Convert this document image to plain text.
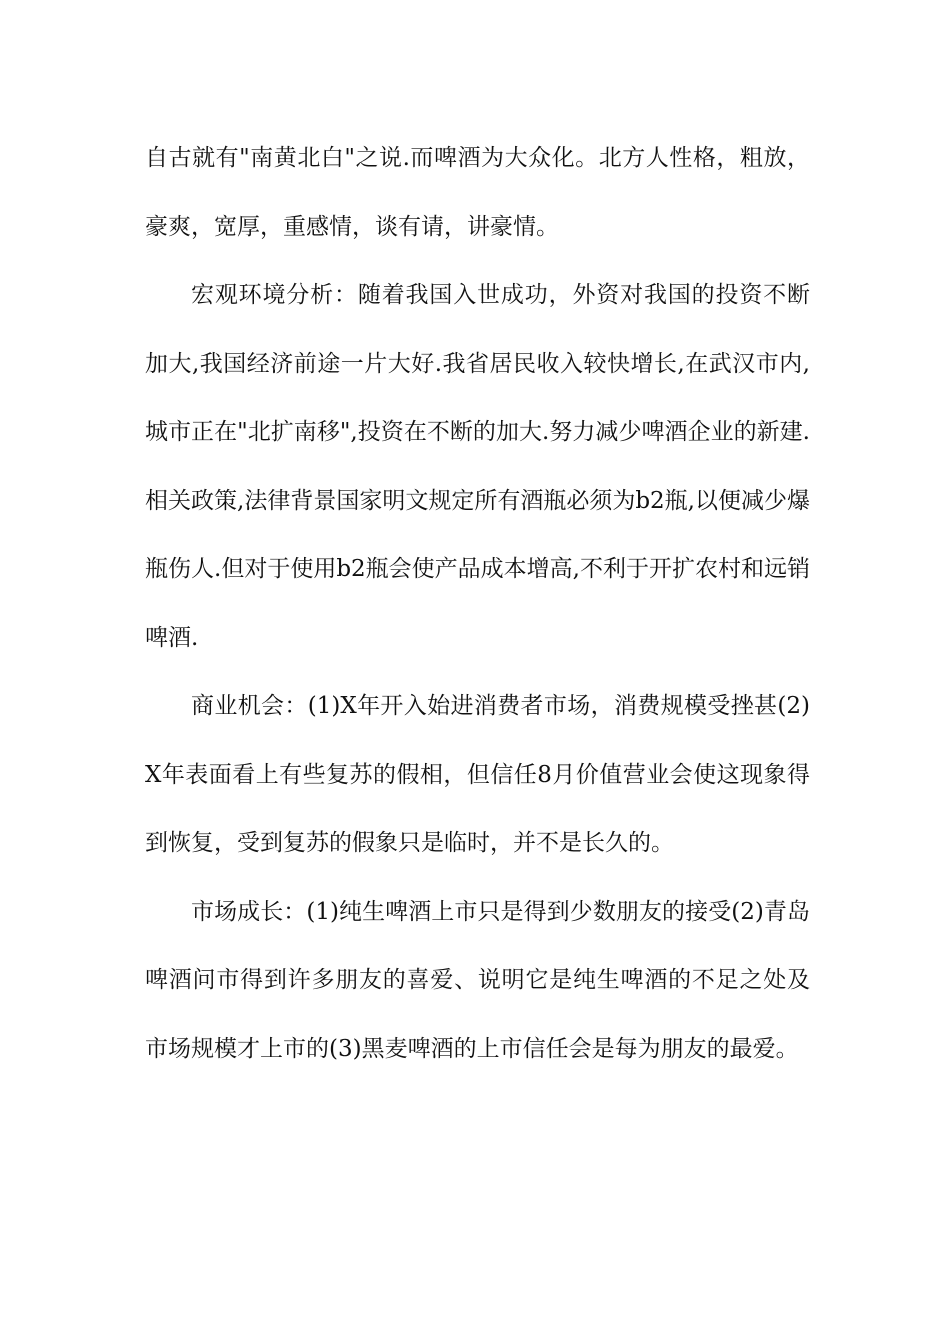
自古就有"南黄北白"之说.而啤酒为大众化。北方人性格，粗放，豪爽，宽厚，重感情，谈有请，讲豪情。

宏观环境分析：随着我国入世成功，外资对我国的投资不断加大,我国经济前途一片大好.我省居民收入较快增长,在武汉市内,城市正在"北扩南移",投资在不断的加大.努力减少啤酒企业的新建.相关政策,法律背景国家明文规定所有酒瓶必须为b2瓶,以便减少爆瓶伤人.但对于使用b2瓶会使产品成本增高,不利于开扩农村和远销啤酒.

商业机会：(1)X年开入始进消费者市场，消费规模受挫甚(2)X年表面看上有些复苏的假相，但信任8月价值营业会使这现象得到恢复，受到复苏的假象只是临时，并不是长久的。

市场成长：(1)纯生啤酒上市只是得到少数朋友的接受(2)青岛啤酒问市得到许多朋友的喜爱、说明它是纯生啤酒的不足之处及市场规模才上市的(3)黑麦啤酒的上市信任会是每为朋友的最爱。
